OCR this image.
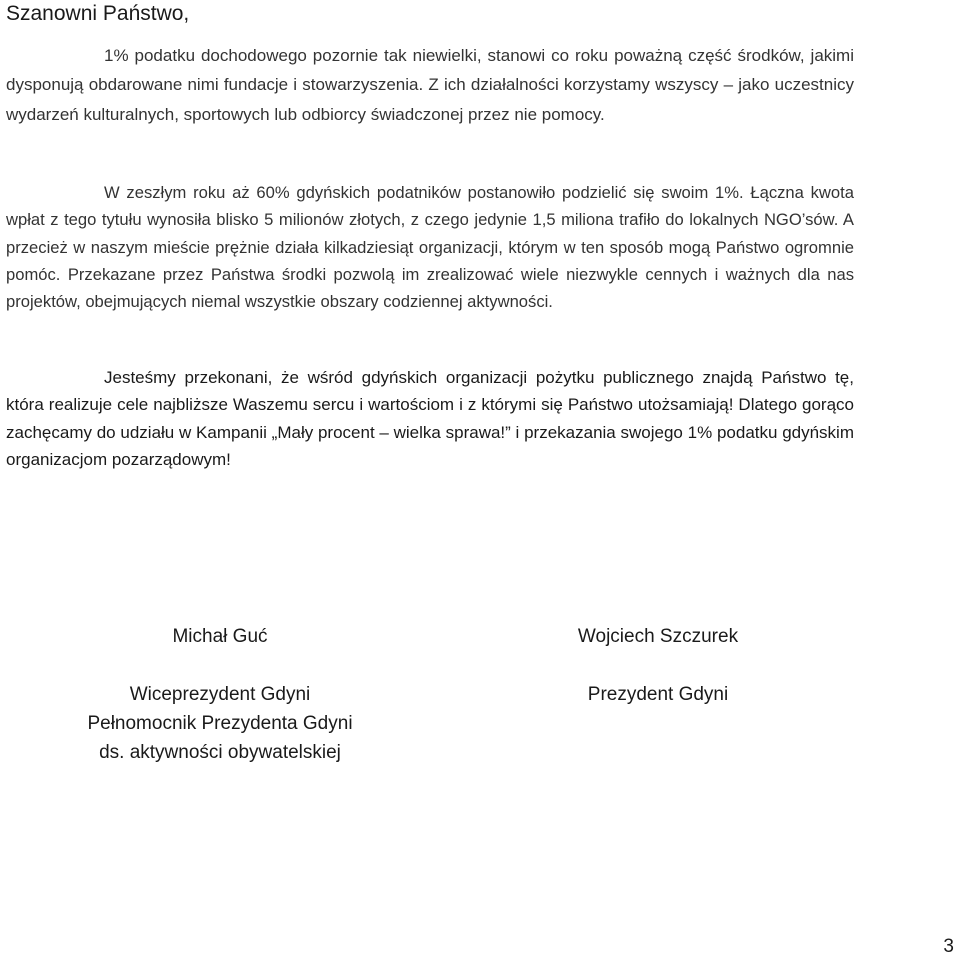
Szanowni Państwo,

1% podatku dochodowego pozornie tak niewielki, stanowi co roku poważną część środków, jakimi dysponują obdarowane nimi fundacje i stowarzyszenia. Z ich działalności korzystamy wszyscy – jako uczestnicy wydarzeń kulturalnych, sportowych lub odbiorcy świadczonej przez nie pomocy.

W zeszłym roku aż 60% gdyńskich podatników postanowiło podzielić się swoim 1%. Łączna kwota wpłat z tego tytułu wynosiła blisko 5 milionów złotych, z czego jedynie 1,5 miliona trafiło do lokalnych NGO’sów. A przecież w naszym mieście prężnie działa kilkadziesiąt organizacji, którym w ten sposób mogą Państwo ogromnie pomóc. Przekazane przez Państwa środki pozwolą im zrealizować wiele niezwykle cennych i ważnych dla nas projektów, obejmujących niemal wszystkie obszary codziennej aktywności.

Jesteśmy przekonani, że wśród gdyńskich organizacji pożytku publicznego znajdą Państwo tę, która realizuje cele najbliższe Waszemu sercu i wartościom i z którymi się Państwo utożsamiają! Dlatego gorąco zachęcamy do udziału w Kampanii „Mały procent – wielka sprawa!” i przekazania swojego 1% podatku gdyńskim organizacjom pozarządowym!

Michał Guć

Wiceprezydent Gdyni

Pełnomocnik Prezydenta Gdyni

ds. aktywności obywatelskiej

Wojciech Szczurek

Prezydent Gdyni

3
